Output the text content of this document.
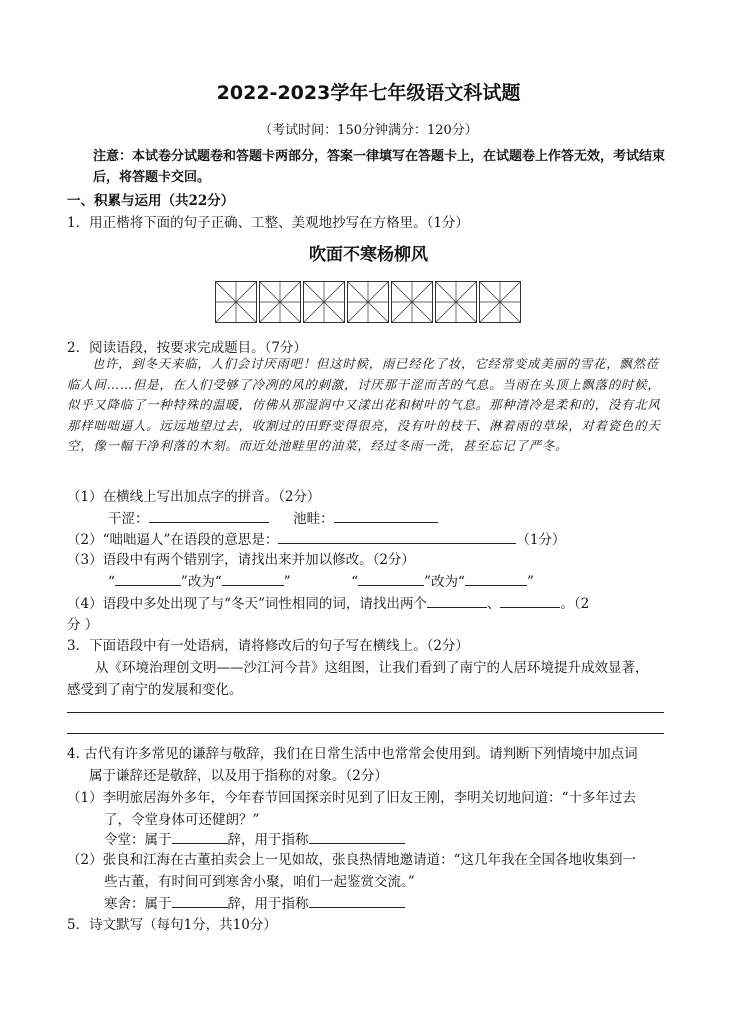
2022-2023学年七年级语文科试题
（考试时间：150分钟满分：120分）
注意：本试卷分试题卷和答题卡两部分，答案一律填写在答题卡上，在试题卷上作答无效，考试结束后，将答题卡交回。
一、积累与运用（共22分）
1．用正楷将下面的句子正确、工整、美观地抄写在方格里。（1分）
吹面不寒杨柳风
2．阅读语段，按要求完成题目。（7分）
也许，到冬天来临，人们会讨厌雨吧！但这时候，雨已经化了妆，它经常变成美丽的雪花，飘然莅临人间……但是，在人们受够了冷冽的风的刺激，讨厌那干涩而苦的气息。当雨在头顶上飘落的时候，似乎又降临了一种特殊的温暖，仿佛从那湿润中又漾出花和树叶的气息。那种清冷是柔和的，没有北风那样咄咄逼人。远远地望过去，收割过的田野变得很亮，没有叶的枝干、淋着雨的草垛，对着瓷色的天空，像一幅干净利落的木刻。而近处池畦里的油菜，经过冬雨一洗，甚至忘记了严冬。
（1）在横线上写出加点字的拼音。（2分）
干涩：	池畦：
（2）“咄咄逼人”在语段的意思是：	（1分）
（3）语段中有两个错别字，请找出来并加以修改。（2分）
“	”改为“	”	“	”改为“	”
（4）语段中多处出现了与“冬天”词性相同的词，请找出两个	、	。（2
分 ）
3．下面语段中有一处语病，请将修改后的句子写在横线上。（2分）
从《环境治理创文明——沙江河今昔》这组图，让我们看到了南宁的人居环境提升成效显著，
感受到了南宁的发展和变化。
4. 古代有许多常见的谦辞与敬辞，我们在日常生活中也常常会使用到。请判断下列情境中加点词
属于谦辞还是敬辞，以及用于指称的对象。（2分）
（1）李明旅居海外多年，今年春节回国探亲时见到了旧友王刚，李明关切地问道：“十多年过去
了，令堂身体可还健朗？”
令堂：属于	辞，用于指称
（2）张良和江海在古董拍卖会上一见如故，张良热情地邀请道：“这几年我在全国各地收集到一
些古董，有时间可到寒舍小聚，咱们一起鉴赏交流。”
寒舍：属于	辞，用于指称
5．诗文默写（每句1分，共10分）
